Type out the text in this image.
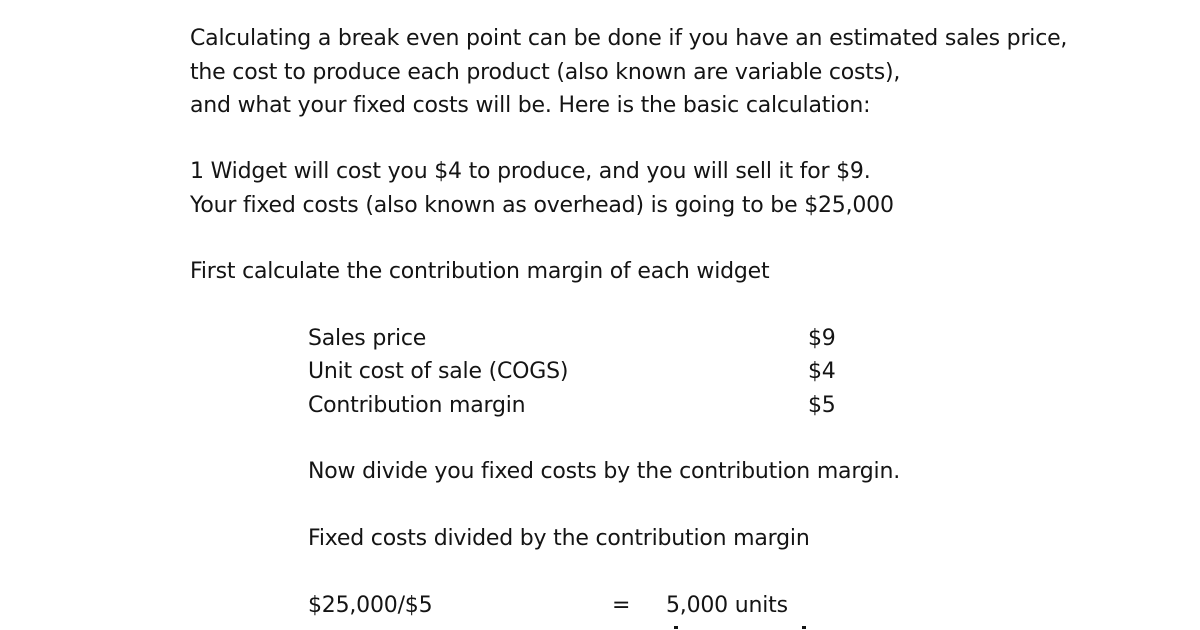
Calculating a break even point can be done if you have an estimated sales price,
the cost to produce each product (also known are variable costs),
and what your fixed costs will be. Here is the basic calculation:
1 Widget will cost you $4 to produce, and you will sell it for $9.
Your fixed costs (also known as overhead) is going to be $25,000
First calculate the contribution margin of each widget
Sales price	$9
Unit cost of sale (COGS)	$4
Contribution margin	$5
Now divide you fixed costs by the contribution margin.
Fixed costs divided by the contribution margin
$25,000/$5	= 5,000 units
